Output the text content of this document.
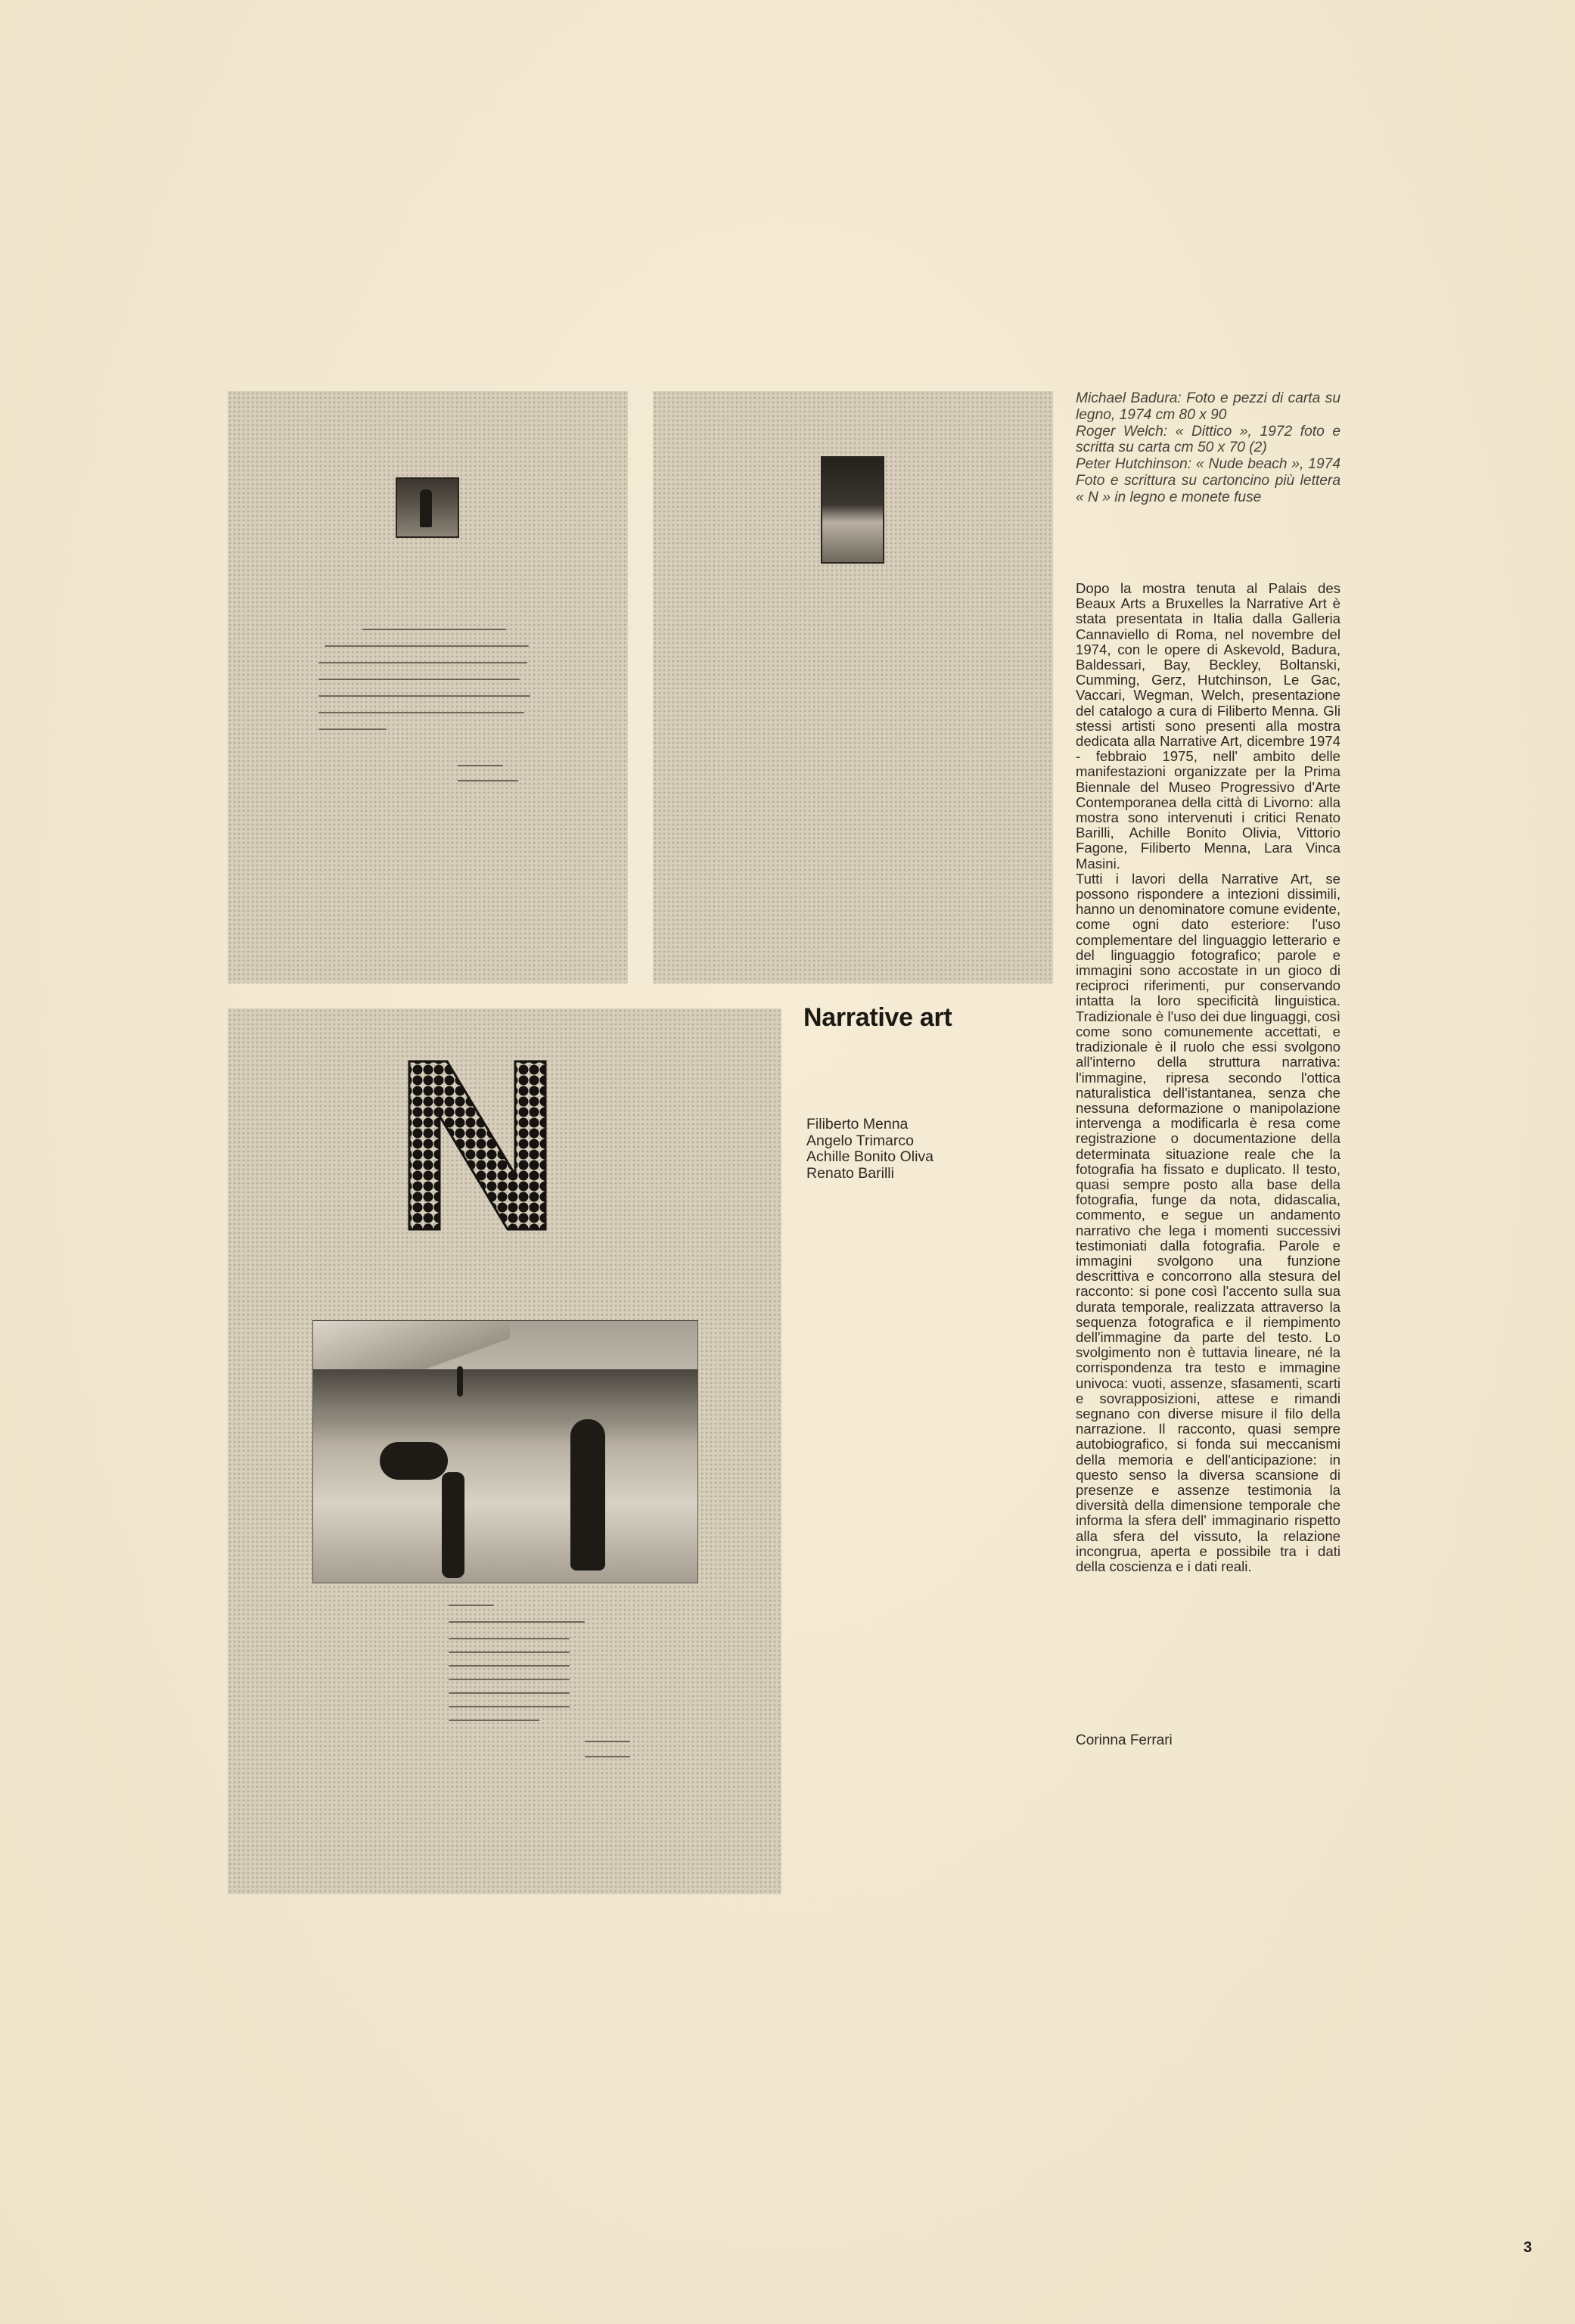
Michael Badura: Foto e pezzi di carta su legno, 1974 cm 80 x 90

Roger Welch: « Dittico », 1972 foto e scritta su carta cm 50 x 70 (2)

Peter Hutchinson: « Nude beach », 1974 Foto e scrittura su cartoncino più lettera « N » in legno e monete fuse

Narrative art
Filiberto Menna
Angelo Trimarco
Achille Bonito Oliva
Renato Barilli

Dopo la mostra tenuta al Palais des Beaux Arts a Bruxelles la Narrative Art è stata presentata in Italia dalla Galleria Cannaviello di Roma, nel novembre del 1974, con le opere di Askevold, Badura, Baldessari, Bay, Beckley, Boltanski, Cumming, Gerz, Hutchinson, Le Gac, Vaccari, Wegman, Welch, presentazione del catalogo a cura di Filiberto Menna. Gli stessi artisti sono presenti alla mostra dedicata alla Narrative Art, dicembre 1974 - febbraio 1975, nell' ambito delle manifestazioni organizzate per la Prima Biennale del Museo Progressivo d'Arte Contemporanea della città di Livorno: alla mostra sono intervenuti i critici Renato Barilli, Achille Bonito Olivia, Vittorio Fagone, Filiberto Menna, Lara Vinca Masini.

Tutti i lavori della Narrative Art, se possono rispondere a intezioni dissimili, hanno un denominatore comune evidente, come ogni dato esteriore: l'uso complementare del linguaggio letterario e del linguaggio fotografico; parole e immagini sono accostate in un gioco di reciproci riferimenti, pur conservando intatta la loro specificità linguistica. Tradizionale è l'uso dei due linguaggi, così come sono comunemente accettati, e tradizionale è il ruolo che essi svolgono all'interno della struttura narrativa: l'immagine, ripresa secondo l'ottica naturalistica dell'istantanea, senza che nessuna deformazione o manipolazione intervenga a modificarla è resa come registrazione o documentazione della determinata situazione reale che la fotografia ha fissato e duplicato. Il testo, quasi sempre posto alla base della fotografia, funge da nota, didascalia, commento, e segue un andamento narrativo che lega i momenti successivi testimoniati dalla fotografia. Parole e immagini svolgono una funzione descrittiva e concorrono alla stesura del racconto: si pone così l'accento sulla sua durata temporale, realizzata attraverso la sequenza fotografica e il riempimento dell'immagine da parte del testo. Lo svolgimento non è tuttavia lineare, né la corrispondenza tra testo e immagine univoca: vuoti, assenze, sfasamenti, scarti e sovrapposizioni, attese e rimandi segnano con diverse misure il filo della narrazione. Il racconto, quasi sempre autobiografico, si fonda sui meccanismi della memoria e dell'anticipazione: in questo senso la diversa scansione di presenze e assenze testimonia la diversità della dimensione temporale che informa la sfera dell' immaginario rispetto alla sfera del vissuto, la relazione incongrua, aperta e possibile tra i dati della coscienza e i dati reali.

Corinna Ferrari
3
